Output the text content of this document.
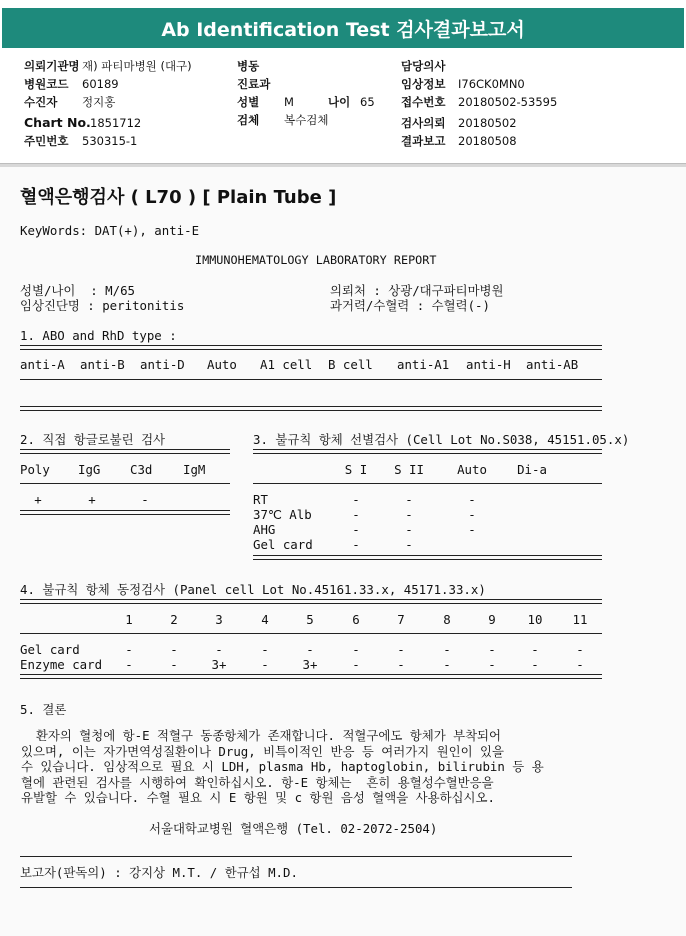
Ab Identification Test 검사결과보고서
의뢰기관명 재) 파티마병원 (대구)
병원코드 60189
수진자 정지홍
Chart No.1851712
주민번호 530315-1
병동
진료과
성별 M	나이 65
검체 복수검체
담당의사
임상정보 I76CK0MN0
접수번호 20180502-53595
검사의뢰 20180502
결과보고 20180508
혈액은행검사 ( L70 ) [ Plain Tube ]
KeyWords: DAT(+), anti-E
IMMUNOHEMATOLOGY LABORATORY REPORT
성별/나이  : M/65
임상진단명 : peritonitis
의뢰처 : 상광/대구파티마병원
과거력/수혈력 : 수혈력(-)
1. ABO and RhD type :
anti-A anti-B anti-D Auto A1 cell B cell anti-A1 anti-H anti-AB
2. 직접 항글로불린 검사
Poly IgG C3d IgM
+	+	-
3. 불규칙 항체 선별검사 (Cell Lot No.S038, 45151.05.x)
S I	S II	Auto	Di-a
RT	-	-	-
37℃ Alb	-	-	-
AHG	-	-	-
Gel card	-	-
4. 불규칙 항체 동정검사 (Panel cell Lot No.45161.33.x, 45171.33.x)
1	2	3	4	5	6	7	8	9	10	11
Gel card	-	-	-	-	-	-	-	-	-	-	-
Enzyme card	-	-	3+	-	3+	-	-	-	-	-	-
5. 결론
환자의 혈청에 항-E 적혈구 동종항체가 존재합니다. 적혈구에도 항체가 부착되어
있으며, 이는 자가면역성질환이나 Drug, 비특이적인 반응 등 여러가지 원인이 있을
수 있습니다. 임상적으로 필요 시 LDH, plasma Hb, haptoglobin, bilirubin 등 용
혈에 관련된 검사를 시행하여 확인하십시오. 항-E 항체는  흔히 용혈성수혈반응을
유발할 수 있습니다. 수혈 필요 시 E 항원 및 c 항원 음성 혈액을 사용하십시오.
서울대학교병원 혈액은행 (Tel. 02-2072-2504)
보고자(판독의) : 강지상 M.T. / 한규섭 M.D.
